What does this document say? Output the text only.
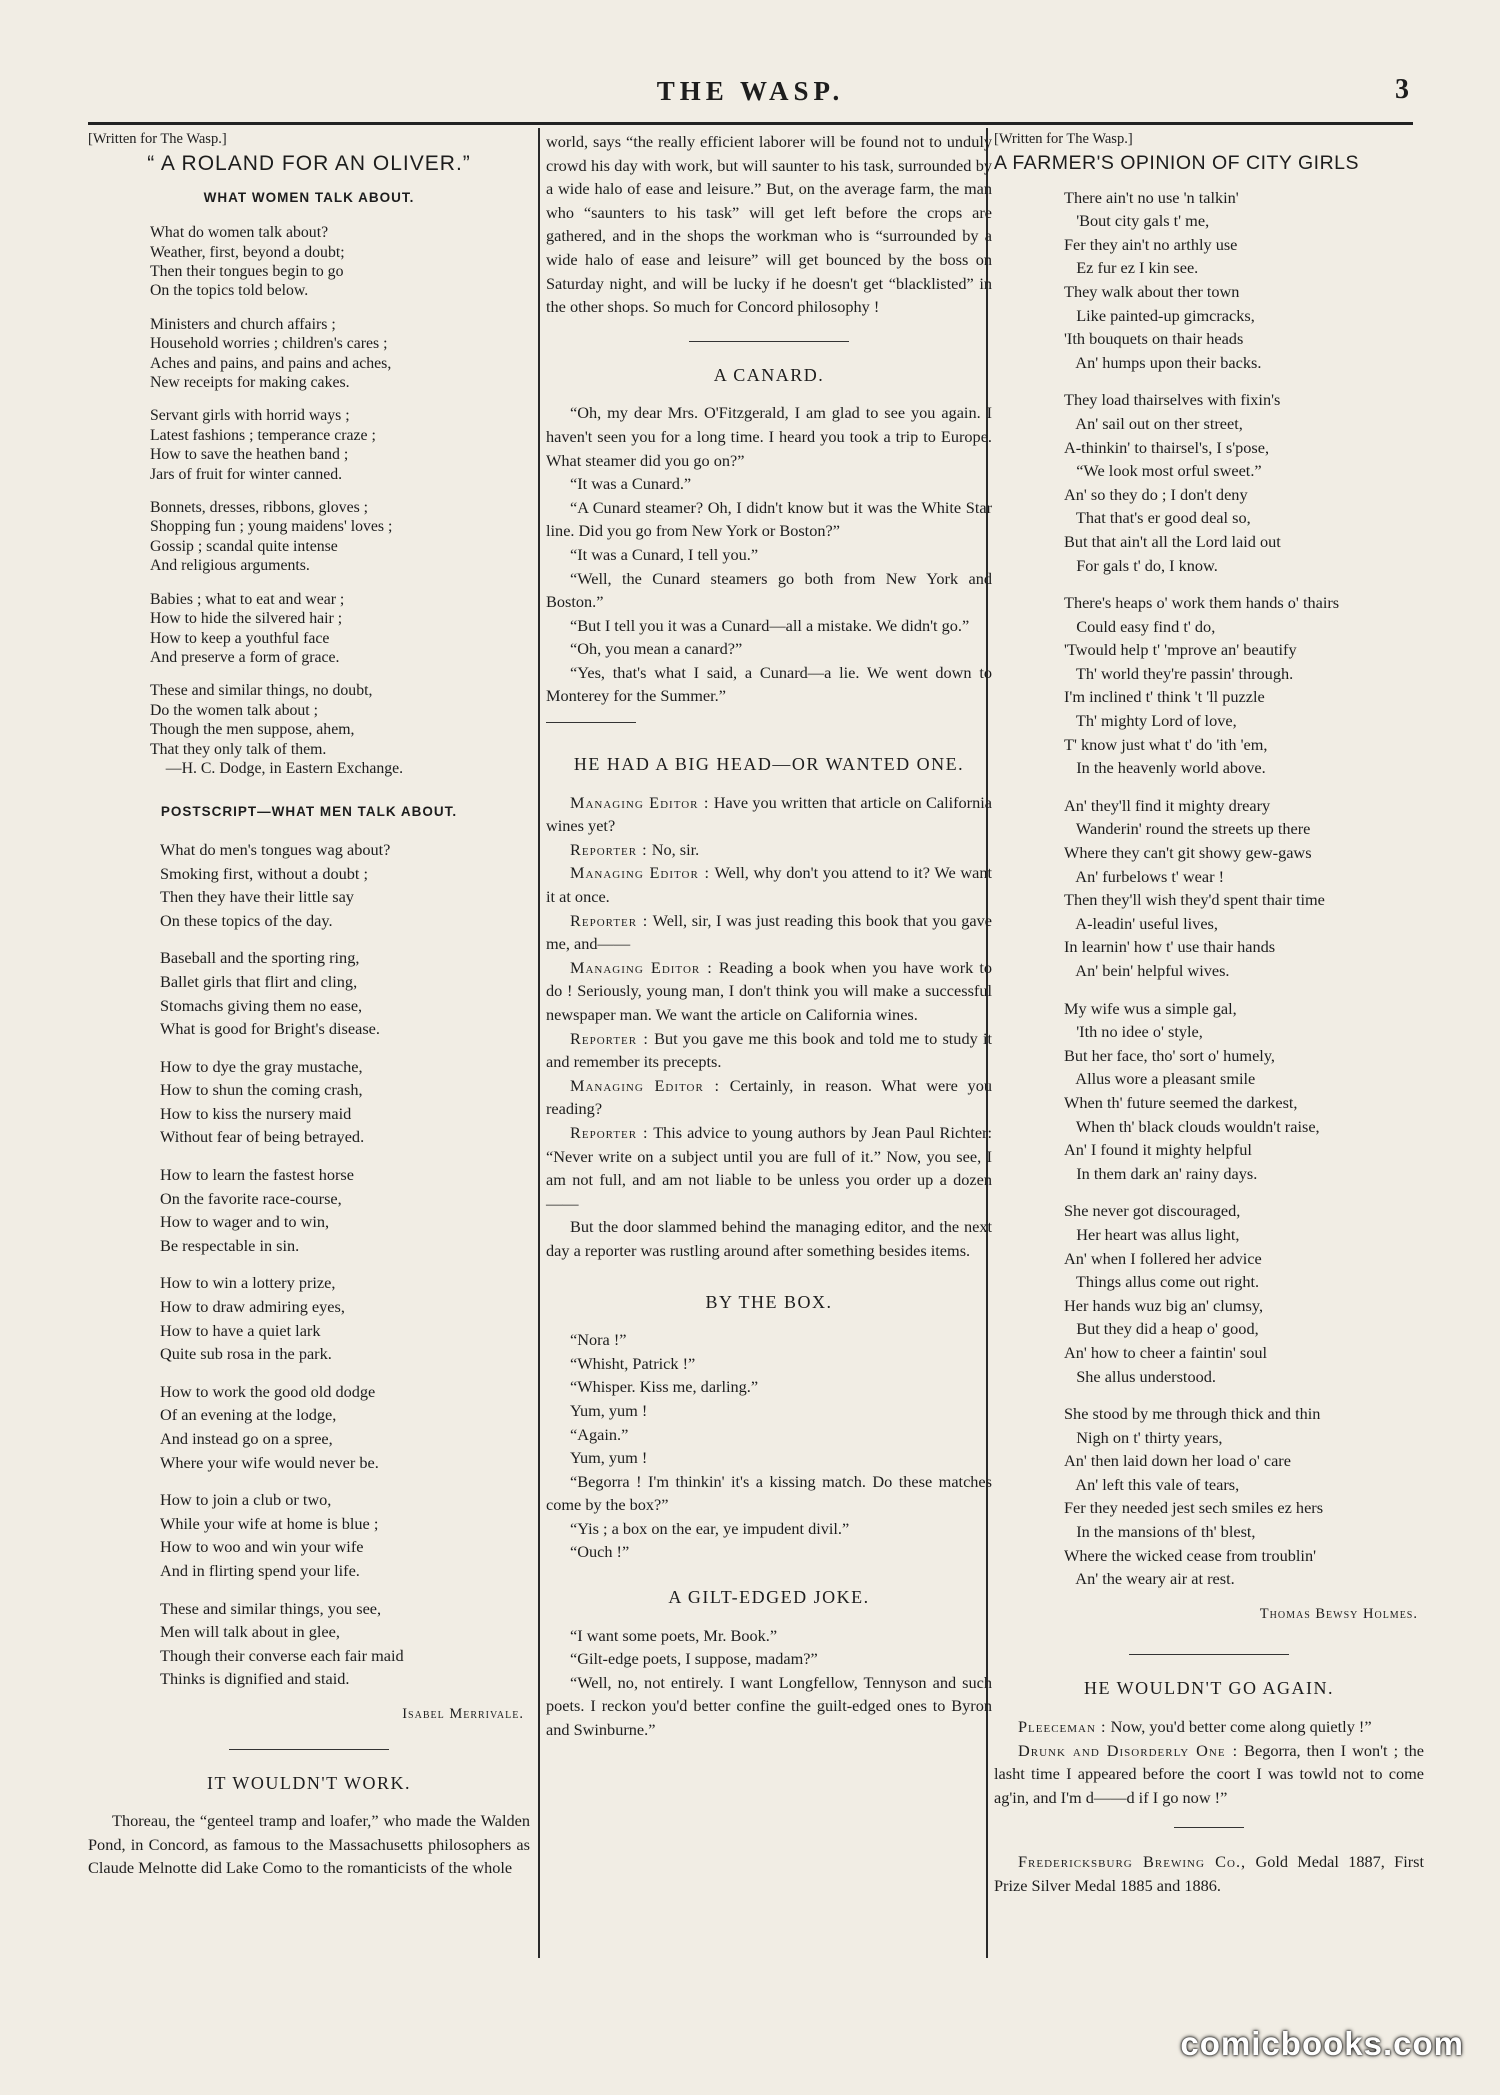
THE WASP.	3
[Written for The Wasp.]
“ A ROLAND FOR AN OLIVER.”
WHAT WOMEN TALK ABOUT.
What do women talk about?
Weather, first, beyond a doubt;
Then their tongues begin to go
On the topics told below.
Ministers and church affairs ;
Household worries ; children's cares ;
Aches and pains, and pains and aches,
New receipts for making cakes.
Servant girls with horrid ways ;
Latest fashions ; temperance craze ;
How to save the heathen band ;
Jars of fruit for winter canned.
Bonnets, dresses, ribbons, gloves ;
Shopping fun ; young maidens' loves ;
Gossip ; scandal quite intense
And religious arguments.
Babies ; what to eat and wear ;
How to hide the silvered hair ;
How to keep a youthful face
And preserve a form of grace.
These and similar things, no doubt,
Do the women talk about ;
Though the men suppose, ahem,
That they only talk of them.
—H. C. Dodge, in Eastern Exchange.
POSTSCRIPT—WHAT MEN TALK ABOUT.
What do men's tongues wag about?
Smoking first, without a doubt ;
Then they have their little say
On these topics of the day.
Baseball and the sporting ring,
Ballet girls that flirt and cling,
Stomachs giving them no ease,
What is good for Bright's disease.
How to dye the gray mustache,
How to shun the coming crash,
How to kiss the nursery maid
Without fear of being betrayed.
How to learn the fastest horse
On the favorite race-course,
How to wager and to win,
Be respectable in sin.
How to win a lottery prize,
How to draw admiring eyes,
How to have a quiet lark
Quite sub rosa in the park.
How to work the good old dodge
Of an evening at the lodge,
And instead go on a spree,
Where your wife would never be.
How to join a club or two,
While your wife at home is blue ;
How to woo and win your wife
And in flirting spend your life.
These and similar things, you see,
Men will talk about in glee,
Though their converse each fair maid
Thinks is dignified and staid.
Isabel Merrivale.
IT WOULDN'T WORK.

Thoreau, the “genteel tramp and loafer,” who made the Walden Pond, in Concord, as famous to the Massachusetts philosophers as Claude Melnotte did Lake Como to the romanticists of the whole

world, says “the really efficient laborer will be found not to unduly crowd his day with work, but will saunter to his task, surrounded by a wide halo of ease and leisure.” But, on the average farm, the man who “saunters to his task” will get left before the crops are gathered, and in the shops the workman who is “surrounded by a wide halo of ease and leisure” will get bounced by the boss on Saturday night, and will be lucky if he doesn't get “blacklisted” in the other shops. So much for Concord philosophy !

A CANARD.

“Oh, my dear Mrs. O'Fitzgerald, I am glad to see you again. I haven't seen you for a long time. I heard you took a trip to Europe. What steamer did you go on?”

“It was a Cunard.”

“A Cunard steamer? Oh, I didn't know but it was the White Star line. Did you go from New York or Boston?”

“It was a Cunard, I tell you.”

“Well, the Cunard steamers go both from New York and Boston.”

“But I tell you it was a Cunard—all a mistake. We didn't go.”

“Oh, you mean a canard?”

“Yes, that's what I said, a Cunard—a lie. We went down to Monterey for the Summer.”

HE HAD A BIG HEAD—OR WANTED ONE.

Managing Editor : Have you written that article on California wines yet?

Reporter : No, sir.

Managing Editor : Well, why don't you attend to it? We want it at once.

Reporter : Well, sir, I was just reading this book that you gave me, and——

Managing Editor : Reading a book when you have work to do ! Seriously, young man, I don't think you will make a successful newspaper man. We want the article on California wines.

Reporter : But you gave me this book and told me to study it and remember its precepts.

Managing Editor : Certainly, in reason. What were you reading?

Reporter : This advice to young authors by Jean Paul Richter: “Never write on a subject until you are full of it.” Now, you see, I am not full, and am not liable to be unless you order up a dozen——

But the door slammed behind the managing editor, and the next day a reporter was rustling around after something besides items.

BY THE BOX.

“Nora !”

“Whisht, Patrick !”

“Whisper. Kiss me, darling.”

Yum, yum !

“Again.”

Yum, yum !

“Begorra ! I'm thinkin' it's a kissing match. Do these matches come by the box?”

“Yis ; a box on the ear, ye impudent divil.”

“Ouch !”

A GILT-EDGED JOKE.

“I want some poets, Mr. Book.”

“Gilt-edge poets, I suppose, madam?”

“Well, no, not entirely. I want Longfellow, Tennyson and such poets. I reckon you'd better confine the guilt-edged ones to Byron and Swinburne.”

[Written for The Wasp.]
A FARMER'S OPINION OF CITY GIRLS
There ain't no use 'n talkin'
'Bout city gals t' me,
Fer they ain't no arthly use
Ez fur ez I kin see.
They walk about ther town
Like painted-up gimcracks,
'Ith bouquets on thair heads
An' humps upon their backs.
They load thairselves with fixin's
An' sail out on ther street,
A-thinkin' to thairsel's, I s'pose,
“We look most orful sweet.”
An' so they do ; I don't deny
That that's er good deal so,
But that ain't all the Lord laid out
For gals t' do, I know.
There's heaps o' work them hands o' thairs
Could easy find t' do,
'Twould help t' 'mprove an' beautify
Th' world they're passin' through.
I'm inclined t' think 't 'll puzzle
Th' mighty Lord of love,
T' know just what t' do 'ith 'em,
In the heavenly world above.
An' they'll find it mighty dreary
Wanderin' round the streets up there
Where they can't git showy gew-gaws
An' furbelows t' wear !
Then they'll wish they'd spent thair time
A-leadin' useful lives,
In learnin' how t' use thair hands
An' bein' helpful wives.
My wife wus a simple gal,
'Ith no idee o' style,
But her face, tho' sort o' humely,
Allus wore a pleasant smile
When th' future seemed the darkest,
When th' black clouds wouldn't raise,
An' I found it mighty helpful
In them dark an' rainy days.
She never got discouraged,
Her heart was allus light,
An' when I follered her advice
Things allus come out right.
Her hands wuz big an' clumsy,
But they did a heap o' good,
An' how to cheer a faintin' soul
She allus understood.
She stood by me through thick and thin
Nigh on t' thirty years,
An' then laid down her load o' care
An' left this vale of tears,
Fer they needed jest sech smiles ez hers
In the mansions of th' blest,
Where the wicked cease from troublin'
An' the weary air at rest.
Thomas Bewsy Holmes.
HE WOULDN'T GO AGAIN.

Pleeceman : Now, you'd better come along quietly !”

Drunk and Disorderly One : Begorra, then I won't ; the lasht time I appeared before the coort I was towld not to come ag'in, and I'm d——d if I go now !”

Fredericksburg Brewing Co., Gold Medal 1887, First Prize Silver Medal 1885 and 1886.

comicbooks.com
